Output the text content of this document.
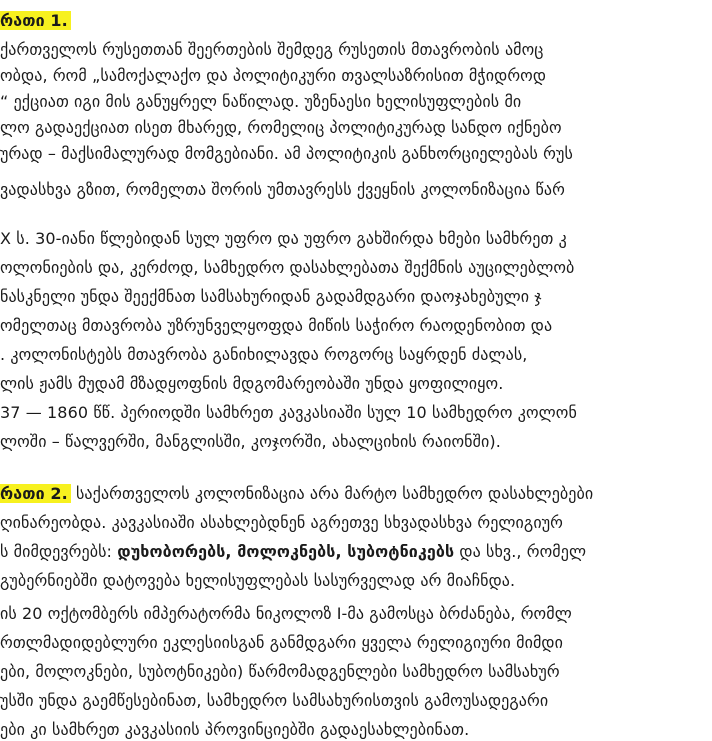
რათი 1.
ქართველოს რუსეთთან შეერთების შემდეგ რუსეთის მთავრობის ამოც
ობდა, რომ „სამოქალაქო და პოლიტიკური თვალსაზრისით მჭიდროდ
“ ექციათ იგი მის განუყრელ ნაწილად. უზენაესი ხელისუფლების მი
ლო გადაექციათ ისეთ მხარედ, რომელიც პოლიტიკურად სანდო იქნებო
ურად – მაქსიმალურად მომგებიანი. ამ პოლიტიკის განხორციელებას რუს
ვადასხვა გზით, რომელთა შორის უმთავრესს ქვეყნის კოლონიზაცია წარ
X ს. 30-იანი წლებიდან სულ უფრო და უფრო გახშირდა ხმები სამხრეთ კ
ოლონიების და, კერძოდ, სამხედრო დასახლებათა შექმნის აუცილებლობ
ნასკნელი უნდა შეექმნათ სამსახურიდან გადამდგარი დაოჯახებული ჯ
ომელთაც მთავრობა უზრუნველყოფდა მიწის საჭირო რაოდენობით და
. კოლონისტებს მთავრობა განიხილავდა როგორც საყრდენ ძალას,
ლის ჟამს მუდამ მზადყოფნის მდგომარეობაში უნდა ყოფილიყო.
37 — 1860 წწ. პერიოდში სამხრეთ კავკასიაში სულ 10 სამხედრო კოლონ
ლოში – წალვერში, მანგლისში, კოჯორში, ახალციხის რაიონში).
რათი 2. საქართველოს კოლონიზაცია არა მარტო სამხედრო დასახლებები
ღინარეობდა. კავკასიაში ასახლებდნენ აგრეთვე სხვადასხვა რელიგიურ
ს მიმდევრებს: დუხობორებს, მოლოკნებს, სუბოტნიკებს და სხვ., რომელ
გუბერნიებში დატოვება ხელისუფლებას სასურველად არ მიაჩნდა.
ის 20 ოქტომბერს იმპერატორმა ნიკოლოზ I-მა გამოსცა ბრძანება, რომლ
რთლმადიდებლური ეკლესიისგან განმდგარი ყველა რელიგიური მიმდი
ები, მოლოკნები, სუბოტნიკები) წარმომადგენლები სამხედრო სამსახურ
უსში უნდა გაემწესებინათ, სამხედრო სამსახურისთვის გამოუსადეგარი
ები კი სამხრეთ კავკასიის პროვინციებში გადაესახლებინათ.
